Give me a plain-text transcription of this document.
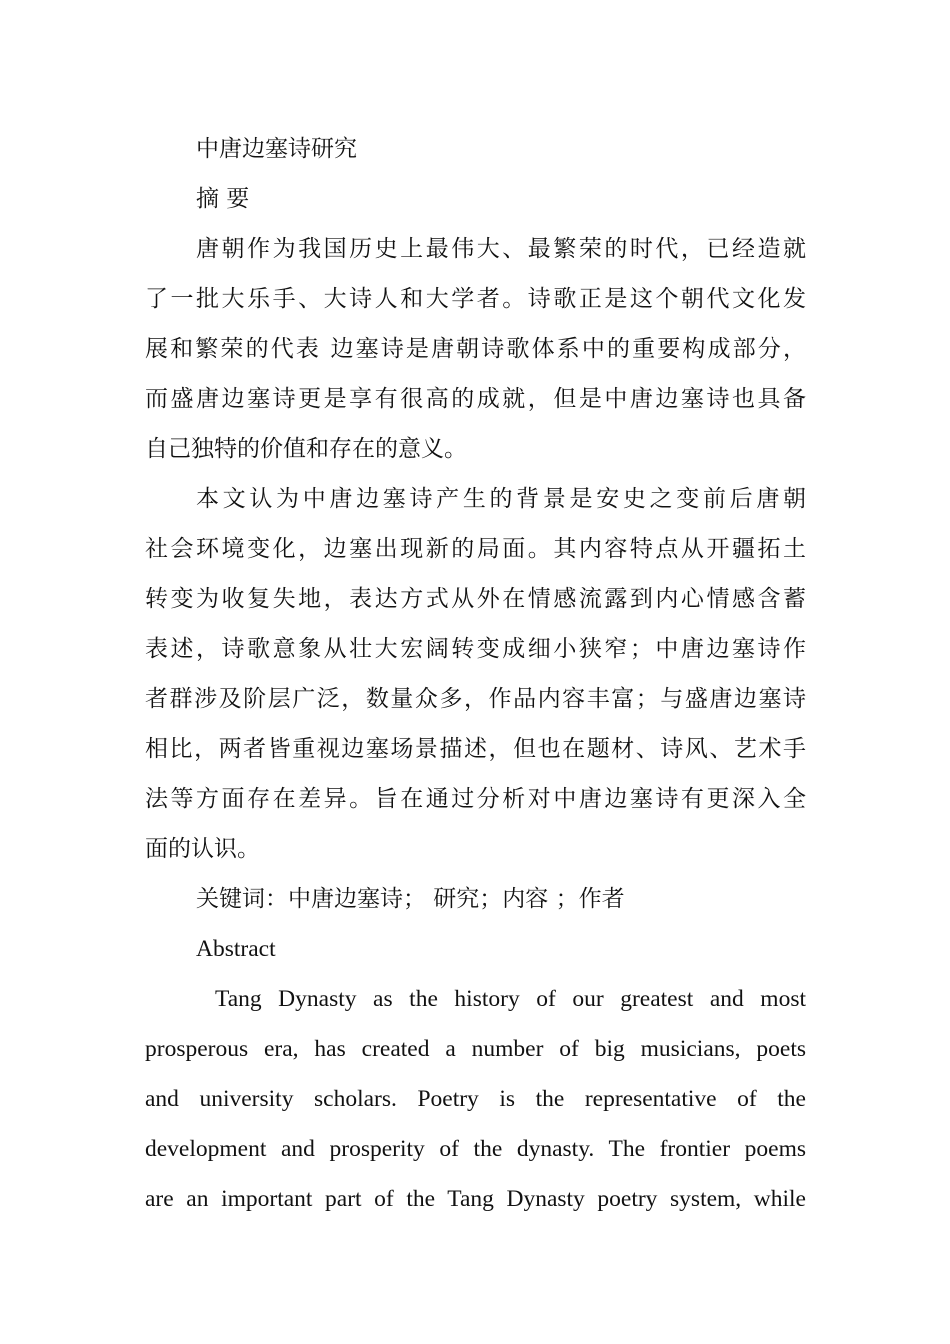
中唐边塞诗研究
摘 要
唐朝作为我国历史上最伟大、最繁荣的时代，已经造就
了一批大乐手、大诗人和大学者。诗歌正是这个朝代文化发
展和繁荣的代表 边塞诗是唐朝诗歌体系中的重要构成部分，
而盛唐边塞诗更是享有很高的成就，但是中唐边塞诗也具备
自己独特的价值和存在的意义。
本文认为中唐边塞诗产生的背景是安史之变前后唐朝
社会环境变化，边塞出现新的局面。其内容特点从开疆拓土
转变为收复失地，表达方式从外在情感流露到内心情感含蓄
表述，诗歌意象从壮大宏阔转变成细小狭窄；中唐边塞诗作
者群涉及阶层广泛，数量众多，作品内容丰富；与盛唐边塞诗
相比，两者皆重视边塞场景描述，但也在题材、诗风、艺术手
法等方面存在差异。旨在通过分析对中唐边塞诗有更深入全
面的认识。
关键词：中唐边塞诗； 研究；内容 ；作者
Abstract
Tang Dynasty as the history of our greatest and most
prosperous era, has created a number of big musicians, poets
and university scholars. Poetry is the representative of the
development and prosperity of the dynasty. The frontier poems
are an important part of the Tang Dynasty poetry system, while
